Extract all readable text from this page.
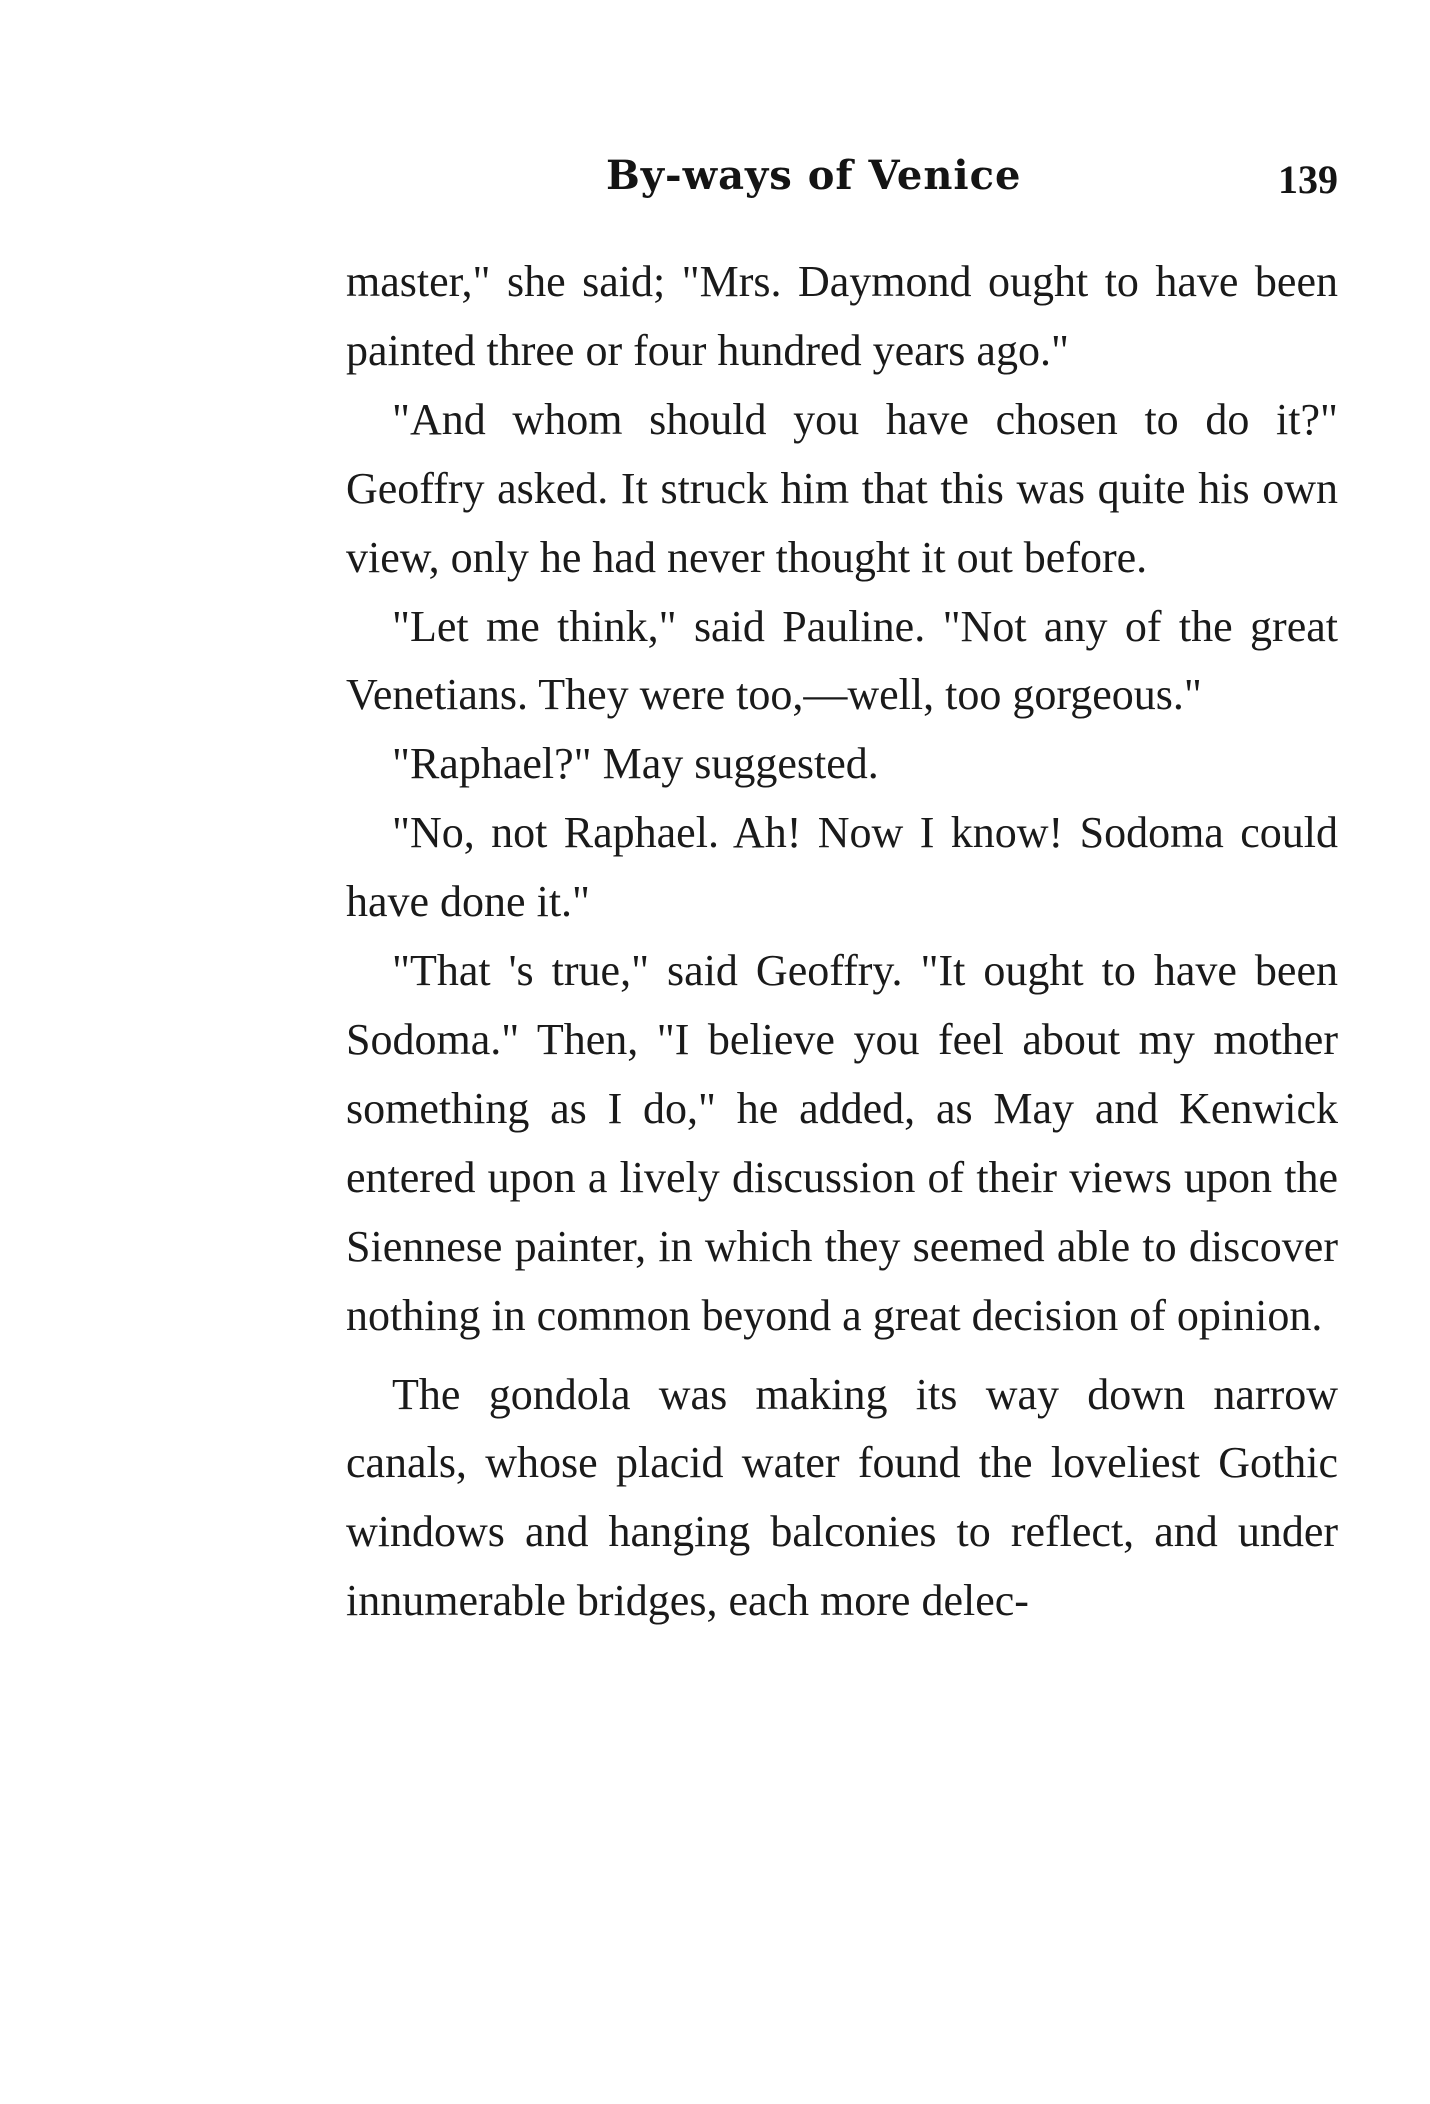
By-ways of Venice	139

master," she said; "Mrs. Daymond ought to have been painted three or four hundred years ago."

"And whom should you have chosen to do it?" Geoffry asked. It struck him that this was quite his own view, only he had never thought it out before.

"Let me think," said Pauline. "Not any of the great Venetians. They were too,—well, too gorgeous."

"Raphael?" May suggested.

"No, not Raphael. Ah! Now I know! Sodoma could have done it."

"That 's true," said Geoffry. "It ought to have been Sodoma." Then, "I believe you feel about my mother something as I do," he added, as May and Kenwick entered upon a lively discussion of their views upon the Siennese painter, in which they seemed able to discover nothing in common beyond a great decision of opinion.

The gondola was making its way down narrow canals, whose placid water found the loveliest Gothic windows and hanging balconies to reflect, and under innumerable bridges, each more delec-
